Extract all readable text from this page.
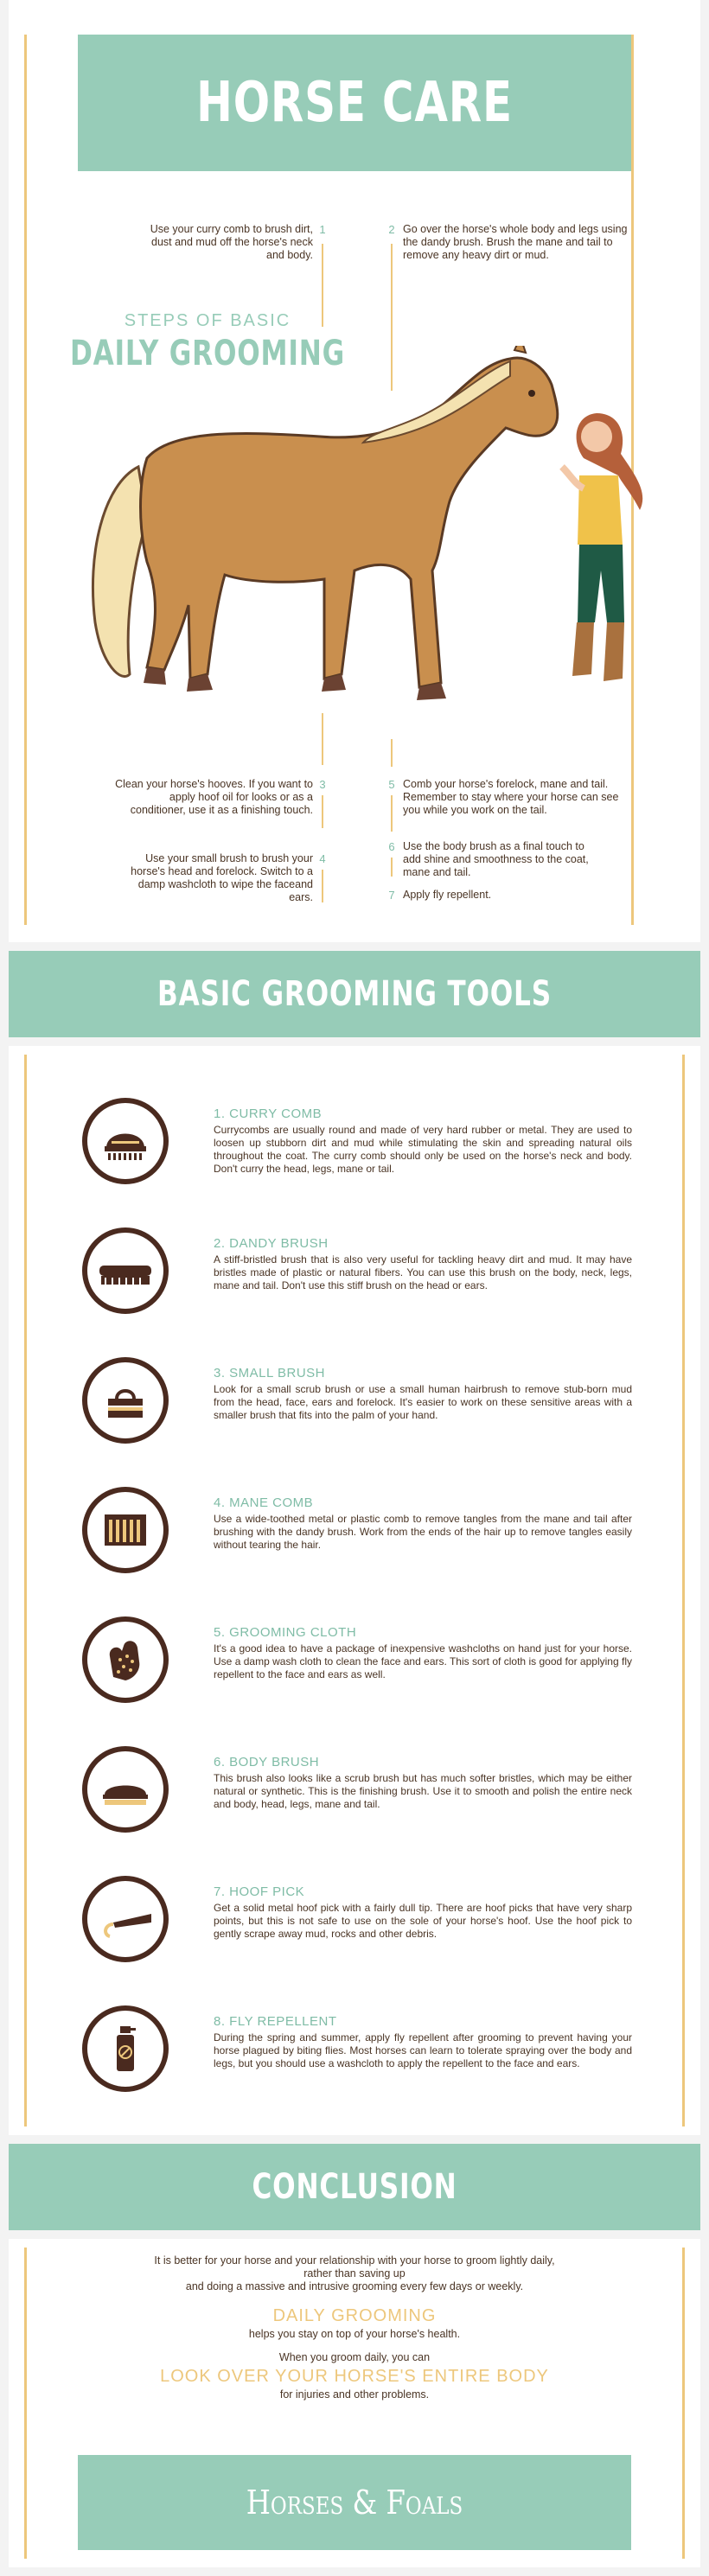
HORSE CARE
Use your curry comb to brush dirt, dust and mud off the horse's neck and body.
1	2 Go over the horse's whole body and legs using the dandy brush. Brush the mane and tail to remove any heavy dirt or mud.
STEPS OF BASIC
DAILY GROOMING
Clean your horse's hooves. If you want to apply hoof oil for looks or as a conditioner, use it as a finishing touch.
3
Use your small brush to brush your horse's head and forelock. Switch to a damp washcloth to wipe the faceand ears.
4
5 Comb your horse's forelock, mane and tail. Remember to stay where your horse can see you while you work on the tail.
6 Use the body brush as a final touch to add shine and smoothness to the coat, mane and tail.
7 Apply fly repellent.
BASIC GROOMING TOOLS
1. CURRY COMB
Currycombs are usually round and made of very hard rubber or metal. They are used to loosen up stubborn dirt and mud while stimulating the skin and spreading natural oils throughout the coat. The curry comb should only be used on the horse's neck and body. Don't curry the head, legs, mane or tail.
2. DANDY BRUSH
A stiff-bristled brush that is also very useful for tackling heavy dirt and mud. It may have bristles made of plastic or natural fibers. You can use this brush on the body, neck, legs, mane and tail. Don't use this stiff brush on the head or ears.
3. SMALL BRUSH
Look for a small scrub brush or use a small human hairbrush to remove stub-born mud from the head, face, ears and forelock. It's easier to work on these sensitive areas with a smaller brush that fits into the palm of your hand.
4. MANE COMB
Use a wide-toothed metal or plastic comb to remove tangles from the mane and tail after brushing with the dandy brush. Work from the ends of the hair up to remove tangles easily without tearing the hair.
5. GROOMING CLOTH
It's a good idea to have a package of inexpensive washcloths on hand just for your horse. Use a damp wash cloth to clean the face and ears. This sort of cloth is good for applying fly repellent to the face and ears as well.
6. BODY BRUSH
This brush also looks like a scrub brush but has much softer bristles, which may be either natural or synthetic. This is the finishing brush. Use it to smooth and polish the entire neck and body, head, legs, mane and tail.
7. HOOF PICK
Get a solid metal hoof pick with a fairly dull tip. There are hoof picks that have very sharp points, but this is not safe to use on the sole of your horse's hoof. Use the hoof pick to gently scrape away mud, rocks and other debris.
8. FLY REPELLENT
During the spring and summer, apply fly repellent after grooming to prevent having your horse plagued by biting flies. Most horses can learn to tolerate spraying over the body and legs, but you should use a washcloth to apply the repellent to the face and ears.
CONCLUSION
It is better for your horse and your relationship with your horse to groom lightly daily,
rather than saving up
and doing a massive and intrusive grooming every few days or weekly.
DAILY GROOMING
helps you stay on top of your horse's health.
When you groom daily, you can
LOOK OVER YOUR HORSE'S ENTIRE BODY
for injuries and other problems.
Horses & Foals
